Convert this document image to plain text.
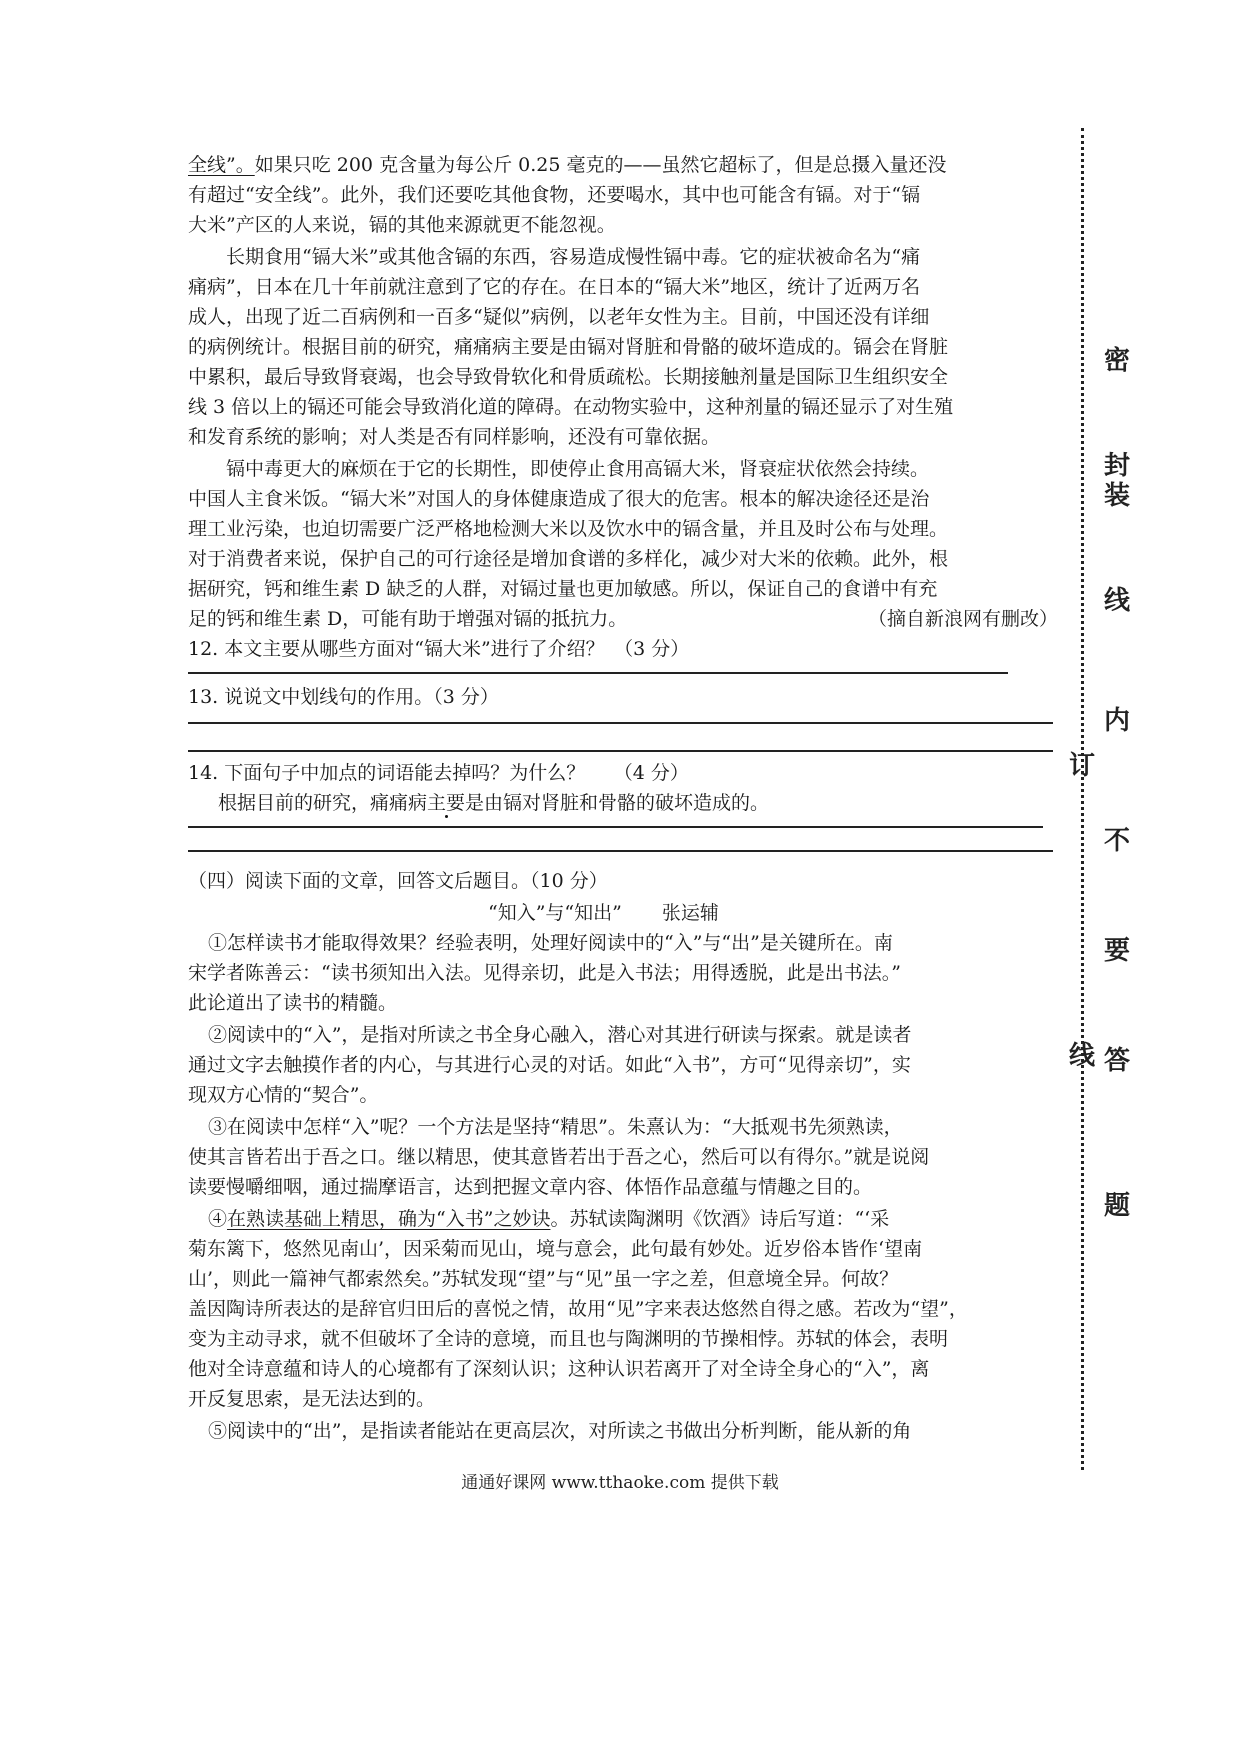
全线”。如果只吃 200 克含量为每公斤 0.25 毫克的——虽然它超标了，但是总摄入量还没
有超过“安全线”。此外，我们还要吃其他食物，还要喝水，其中也可能含有镉。对于“镉
大米”产区的人来说，镉的其他来源就更不能忽视。
长期食用“镉大米”或其他含镉的东西，容易造成慢性镉中毒。它的症状被命名为“痛
痛病”，日本在几十年前就注意到了它的存在。在日本的“镉大米”地区，统计了近两万名
成人，出现了近二百病例和一百多“疑似”病例，以老年女性为主。目前，中国还没有详细
的病例统计。根据目前的研究，痛痛病主要是由镉对肾脏和骨骼的破坏造成的。镉会在肾脏
中累积，最后导致肾衰竭，也会导致骨软化和骨质疏松。长期接触剂量是国际卫生组织安全
线 3 倍以上的镉还可能会导致消化道的障碍。在动物实验中，这种剂量的镉还显示了对生殖
和发育系统的影响；对人类是否有同样影响，还没有可靠依据。
镉中毒更大的麻烦在于它的长期性，即使停止食用高镉大米，肾衰症状依然会持续。
中国人主食米饭。“镉大米”对国人的身体健康造成了很大的危害。根本的解决途径还是治
理工业污染，也迫切需要广泛严格地检测大米以及饮水中的镉含量，并且及时公布与处理。
对于消费者来说，保护自己的可行途径是增加食谱的多样化，减少对大米的依赖。此外，根
据研究，钙和维生素 D 缺乏的人群，对镉过量也更加敏感。所以，保证自己的食谱中有充
足的钙和维生素 D，可能有助于增强对镉的抵抗力。	（摘自新浪网有删改）
12. 本文主要从哪些方面对“镉大米”进行了介绍？　（3 分）
13. 说说文中划线句的作用。（3 分）
14. 下面句子中加点的词语能去掉吗？为什么？　　（4 分）
根据目前的研究，痛痛病主要是由镉对肾脏和骨骼的破坏造成的。
（四）阅读下面的文章，回答文后题目。（10 分）
“知入”与“知出” 张运辅
①怎样读书才能取得效果？经验表明，处理好阅读中的“入”与“出”是关键所在。南
宋学者陈善云：“读书须知出入法。见得亲切，此是入书法；用得透脱，此是出书法。”
此论道出了读书的精髓。
②阅读中的“入”，是指对所读之书全身心融入，潜心对其进行研读与探索。就是读者
通过文字去触摸作者的内心，与其进行心灵的对话。如此“入书”，方可“见得亲切”，实
现双方心情的“契合”。
③在阅读中怎样“入”呢？一个方法是坚持“精思”。朱熹认为：“大抵观书先须熟读，
使其言皆若出于吾之口。继以精思，使其意皆若出于吾之心，然后可以有得尔。”就是说阅
读要慢嚼细咽，通过揣摩语言，达到把握文章内容、体悟作品意蕴与情趣之目的。
④在熟读基础上精思，确为“入书”之妙诀。苏轼读陶渊明《饮酒》诗后写道：“‘采
菊东篱下，悠然见南山’，因采菊而见山，境与意会，此句最有妙处。近岁俗本皆作‘望南
山’，则此一篇神气都索然矣。”苏轼发现“望”与“见”虽一字之差，但意境全异。何故？
盖因陶诗所表达的是辞官归田后的喜悦之情，故用“见”字来表达悠然自得之感。若改为“望”，
变为主动寻求，就不但破坏了全诗的意境，而且也与陶渊明的节操相悖。苏轼的体会，表明
他对全诗意蕴和诗人的心境都有了深刻认识；这种认识若离开了对全诗全身心的“入”，离
开反复思索，是无法达到的。
⑤阅读中的“出”，是指读者能站在更高层次，对所读之书做出分析判断，能从新的角
密
封
装
线
内
订
不
要
线 答
题
通通好课网 www.tthaoke.com 提供下载
